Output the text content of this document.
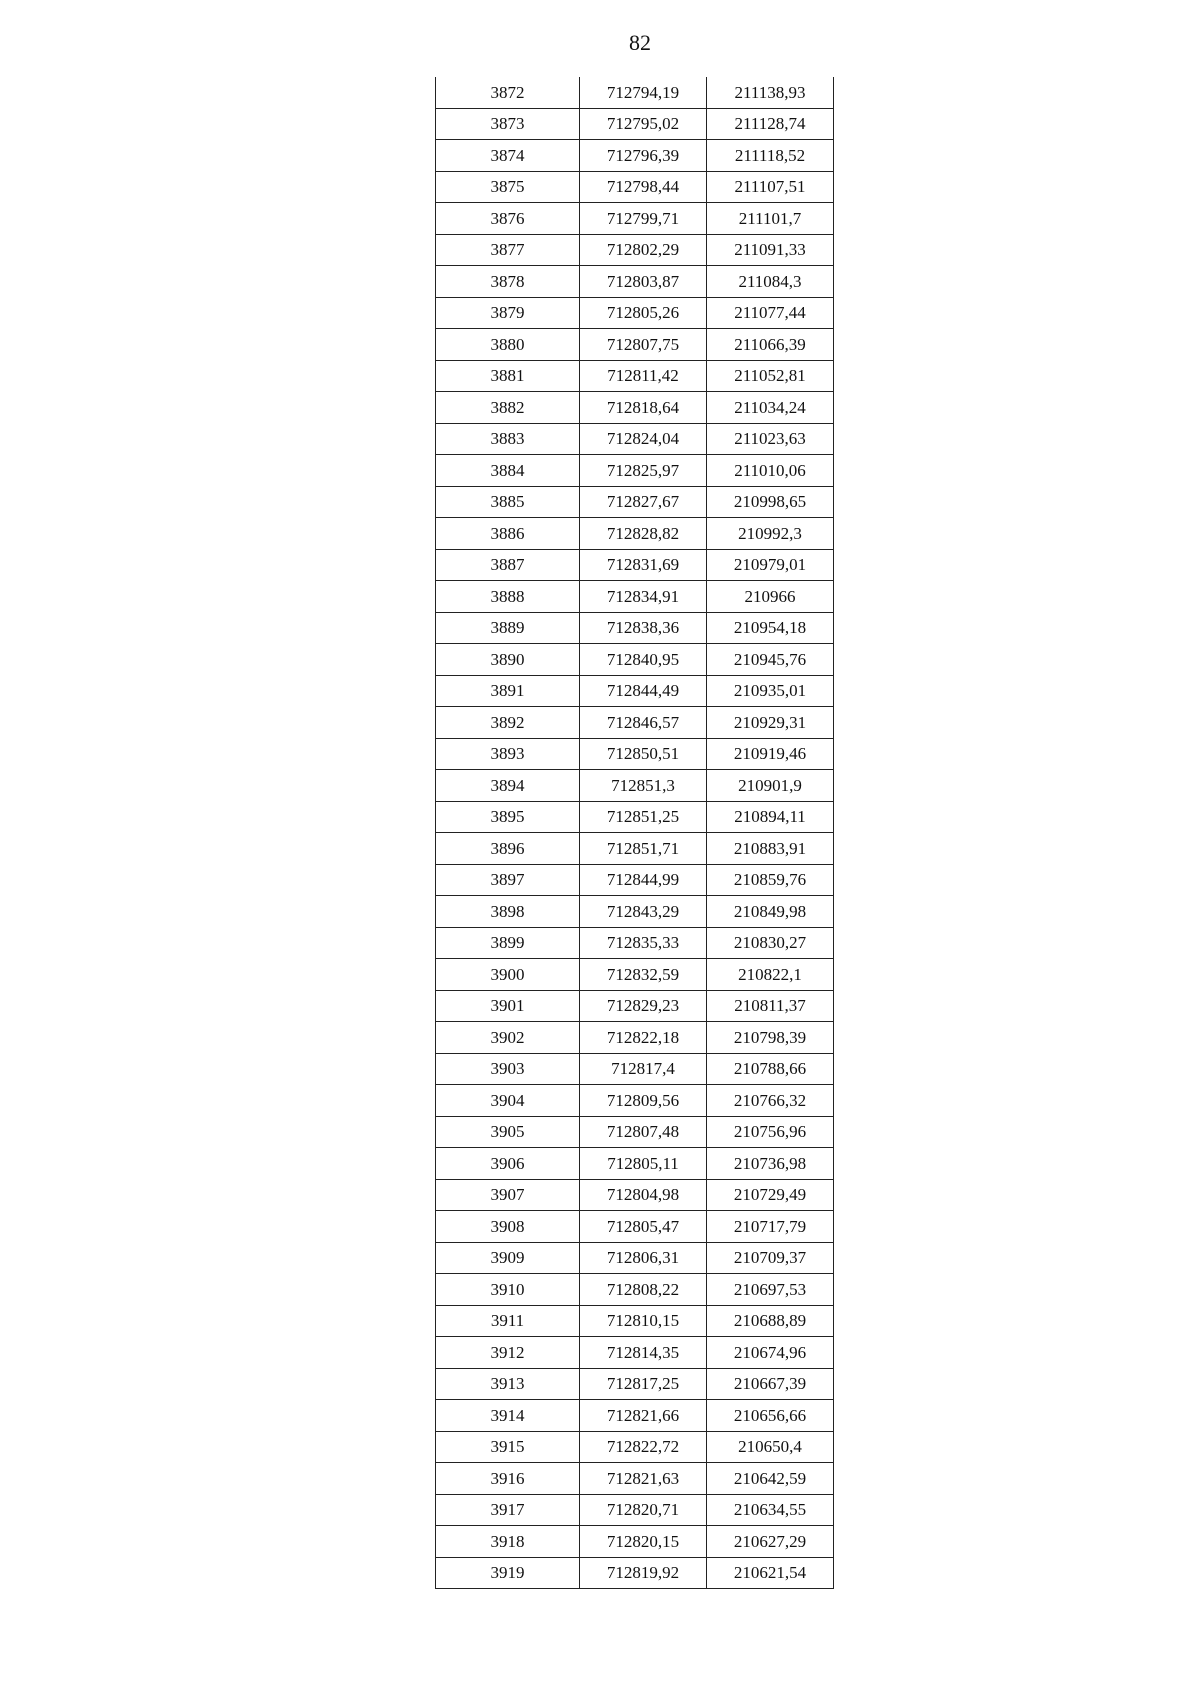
82
3872	712794,19	211138,93
3873	712795,02	211128,74
3874	712796,39	211118,52
3875	712798,44	211107,51
3876	712799,71	211101,7
3877	712802,29	211091,33
3878	712803,87	211084,3
3879	712805,26	211077,44
3880	712807,75	211066,39
3881	712811,42	211052,81
3882	712818,64	211034,24
3883	712824,04	211023,63
3884	712825,97	211010,06
3885	712827,67	210998,65
3886	712828,82	210992,3
3887	712831,69	210979,01
3888	712834,91	210966
3889	712838,36	210954,18
3890	712840,95	210945,76
3891	712844,49	210935,01
3892	712846,57	210929,31
3893	712850,51	210919,46
3894	712851,3	210901,9
3895	712851,25	210894,11
3896	712851,71	210883,91
3897	712844,99	210859,76
3898	712843,29	210849,98
3899	712835,33	210830,27
3900	712832,59	210822,1
3901	712829,23	210811,37
3902	712822,18	210798,39
3903	712817,4	210788,66
3904	712809,56	210766,32
3905	712807,48	210756,96
3906	712805,11	210736,98
3907	712804,98	210729,49
3908	712805,47	210717,79
3909	712806,31	210709,37
3910	712808,22	210697,53
3911	712810,15	210688,89
3912	712814,35	210674,96
3913	712817,25	210667,39
3914	712821,66	210656,66
3915	712822,72	210650,4
3916	712821,63	210642,59
3917	712820,71	210634,55
3918	712820,15	210627,29
3919	712819,92	210621,54
